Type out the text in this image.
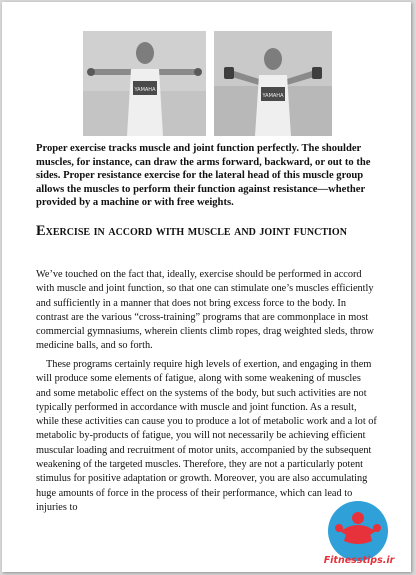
YAMAHA
YAMAHA
Proper exercise tracks muscle and joint function perfectly. The shoulder muscles, for instance, can draw the arms forward, backward, or out to the sides. Proper resistance exercise for the lateral head of this muscle group allows the muscles to perform their function against resistance—whether provided by a machine or with free weights.
Exercise in accord with muscle and joint function

We’ve touched on the fact that, ideally, exercise should be performed in accord with muscle and joint function, so that one can stimulate one’s muscles efficiently and sufficiently in a manner that does not bring excess force to the body. In contrast are the various “cross-training” programs that are commonplace in most commercial gymnasiums, wherein clients climb ropes, drag weighted sleds, throw medicine balls, and so forth.

These programs certainly require high levels of exertion, and engaging in them will produce some elements of fatigue, along with some weakening of muscles and some metabolic effect on the systems of the body, but such activities are not typically performed in accordance with muscle and joint function. As a result, while these activities can cause you to produce a lot of metabolic work and a lot of metabolic by-products of fatigue, you will not necessarily be achieving efficient muscular loading and recruitment of motor units, accompanied by the subsequent weakening of the targeted muscles. Therefore, they are not a particularly potent stimulus for positive adaptation or growth. Moreover, you are also accumulating huge amounts of force in the process of their performance, which can lead to injuries to

Fitnesstips.ir
